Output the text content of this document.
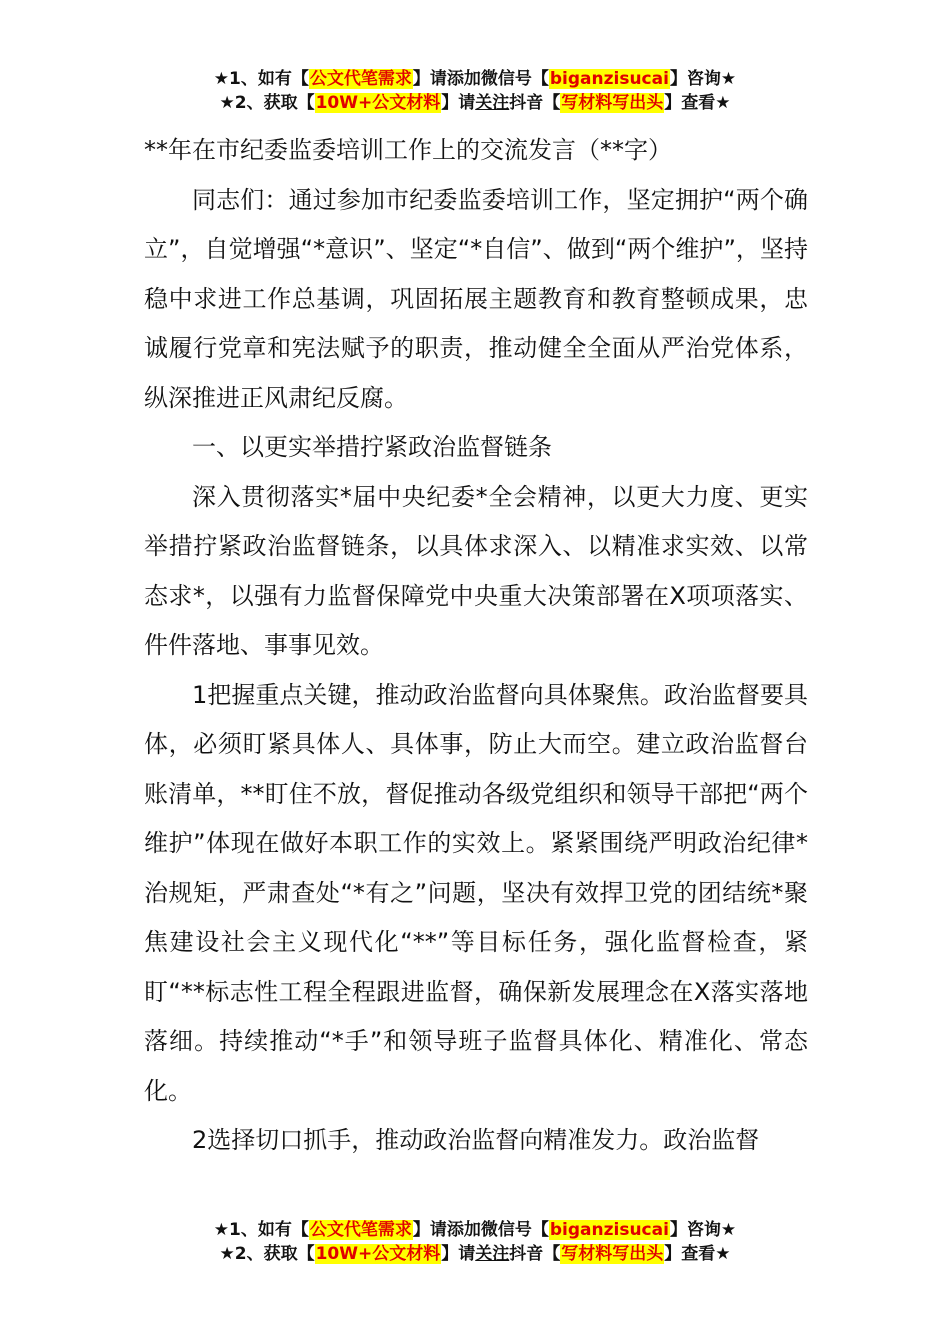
★1、如有【公文代笔需求】请添加微信号【biganzisucai】咨询★
★2、获取【10W+公文材料】请关注抖音【写材料写出头】查看★

**年在市纪委监委培训工作上的交流发言（**字）

同志们：通过参加市纪委监委培训工作，坚定拥护“两个确立”，自觉增强“*意识”、坚定“*自信”、做到“两个维护”，坚持稳中求进工作总基调，巩固拓展主题教育和教育整顿成果，忠诚履行党章和宪法赋予的职责，推动健全全面从严治党体系，纵深推进正风肃纪反腐。

一、以更实举措拧紧政治监督链条

深入贯彻落实*届中央纪委*全会精神，以更大力度、更实举措拧紧政治监督链条，以具体求深入、以精准求实效、以常态求*，以强有力监督保障党中央重大决策部署在X项项落实、件件落地、事事见效。

1把握重点关键，推动政治监督向具体聚焦。政治监督要具体，必须盯紧具体人、具体事，防止大而空。建立政治监督台账清单，**盯住不放，督促推动各级党组织和领导干部把“两个维护”体现在做好本职工作的实效上。紧紧围绕严明政治纪律*治规矩，严肃查处“*有之”问题，坚决有效捍卫党的团结统*聚焦建设社会主义现代化“**”等目标任务，强化监督检查，紧盯“**标志性工程全程跟进监督，确保新发展理念在X落实落地落细。持续推动“*手”和领导班子监督具体化、精准化、常态化。

2选择切口抓手，推动政治监督向精准发力。政治监督

★1、如有【公文代笔需求】请添加微信号【biganzisucai】咨询★
★2、获取【10W+公文材料】请关注抖音【写材料写出头】查看★
